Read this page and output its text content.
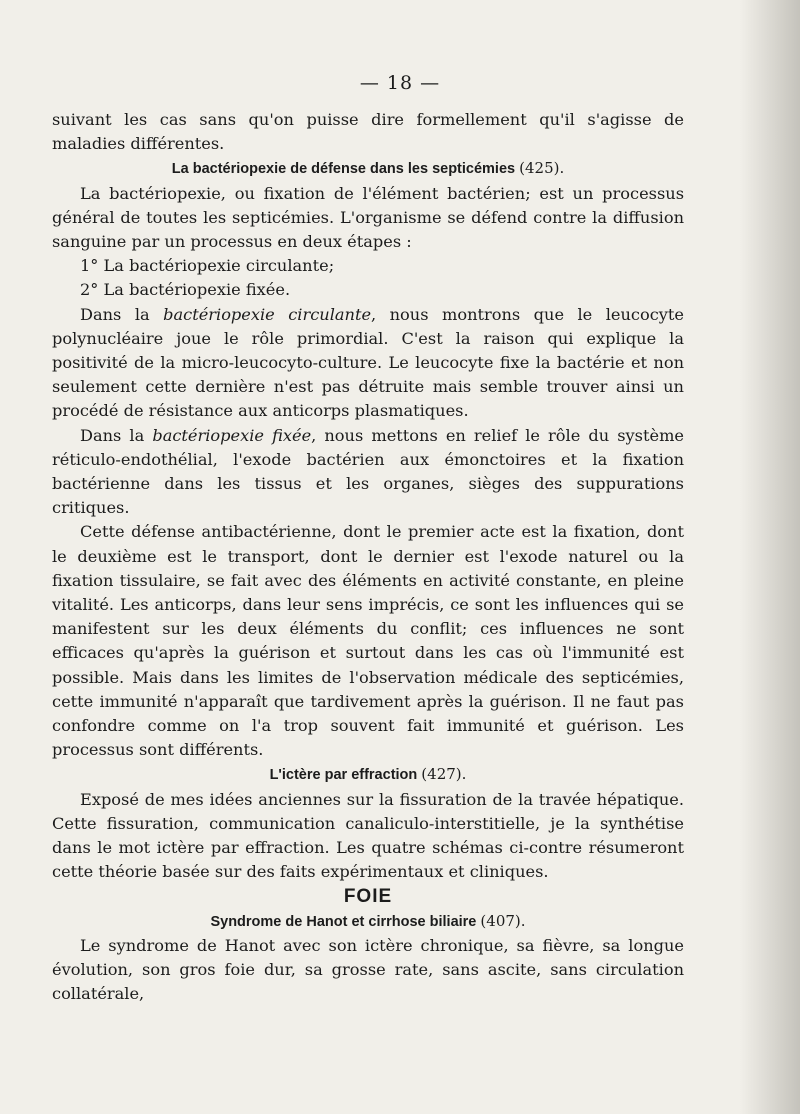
— 18 —

suivant les cas sans qu'on puisse dire formellement qu'il s'agisse de maladies différentes.

La bactériopexie de défense dans les septicémies (425).

La bactériopexie, ou fixation de l'élément bactérien; est un processus général de toutes les septicémies. L'organisme se défend contre la diffusion sanguine par un processus en deux étapes :

1° La bactériopexie circulante;

2° La bactériopexie fixée.

Dans la bactériopexie circulante, nous montrons que le leucocyte polynucléaire joue le rôle primordial. C'est la raison qui explique la positivité de la micro-leucocyto-culture. Le leucocyte fixe la bactérie et non seulement cette dernière n'est pas détruite mais semble trouver ainsi un procédé de résistance aux anticorps plasmatiques.

Dans la bactériopexie fixée, nous mettons en relief le rôle du système réticulo-endothélial, l'exode bactérien aux émonctoires et la fixation bactérienne dans les tissus et les organes, sièges des suppurations critiques.

Cette défense antibactérienne, dont le premier acte est la fixation, dont le deuxième est le transport, dont le dernier est l'exode naturel ou la fixation tissulaire, se fait avec des éléments en activité constante, en pleine vitalité. Les anticorps, dans leur sens imprécis, ce sont les influences qui se manifestent sur les deux éléments du conflit; ces influences ne sont efficaces qu'après la guérison et surtout dans les cas où l'immunité est possible. Mais dans les limites de l'observation médicale des septicémies, cette immunité n'apparaît que tardivement après la guérison. Il ne faut pas confondre comme on l'a trop souvent fait immunité et guérison. Les processus sont différents.

L'ictère par effraction (427).

Exposé de mes idées anciennes sur la fissuration de la travée hépatique. Cette fissuration, communication canaliculo-interstitielle, je la synthétise dans le mot ictère par effraction. Les quatre schémas ci-contre résumeront cette théorie basée sur des faits expérimentaux et cliniques.

FOIE

Syndrome de Hanot et cirrhose biliaire (407).

Le syndrome de Hanot avec son ictère chronique, sa fièvre, sa longue évolution, son gros foie dur, sa grosse rate, sans ascite, sans circulation collatérale,
